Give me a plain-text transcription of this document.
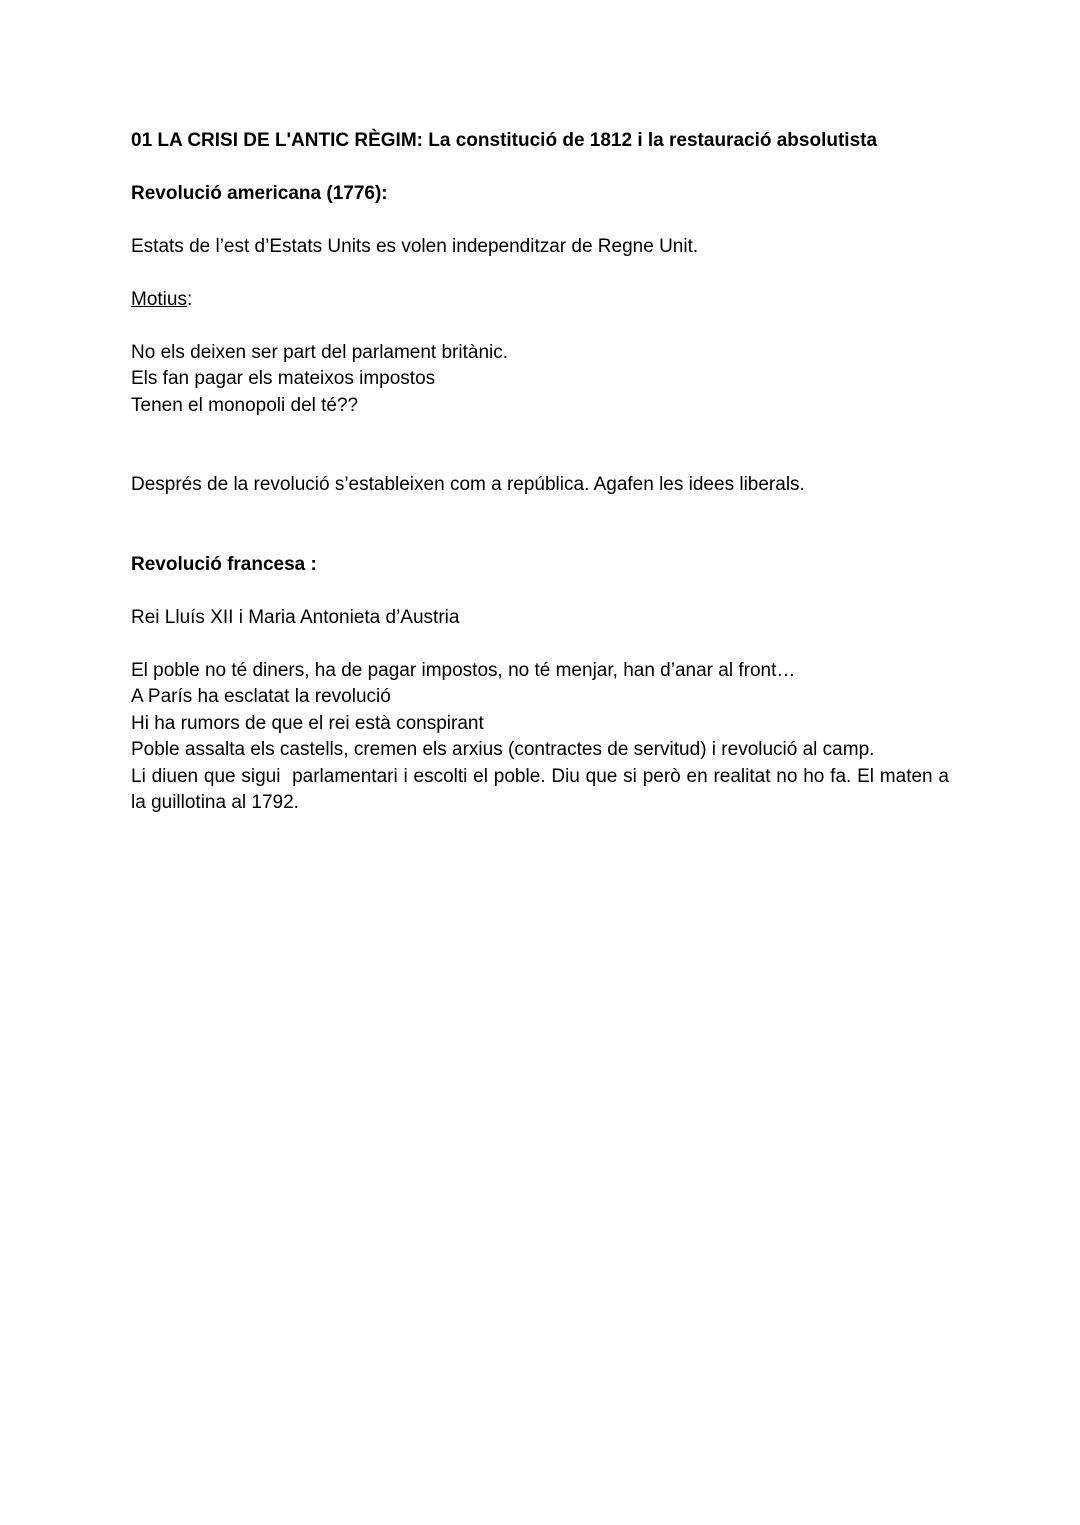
01 LA CRISI DE L'ANTIC RÈGIM: La constitució de 1812 i la restauració absolutista

Revolució americana (1776):

Estats de l’est d’Estats Units es volen independitzar de Regne Unit.

Motius:

No els deixen ser part del parlament britànic.
Els fan pagar els mateixos impostos
Tenen el monopoli del té??

Després de la revolució s’estableixen com a república. Agafen les idees liberals.

Revolució francesa :

Rei Lluís XII i Maria Antonieta d’Austria

El poble no té diners, ha de pagar impostos, no té menjar, han d’anar al front…
A París ha esclatat la revolució
Hi ha rumors de que el rei està conspirant
Poble assalta els castells, cremen els arxius (contractes de servitud) i revolució al camp.

Li diuen que sigui  parlamentari i escolti el poble. Diu que si però en realitat no ho fa. El maten a la guillotina al 1792.
